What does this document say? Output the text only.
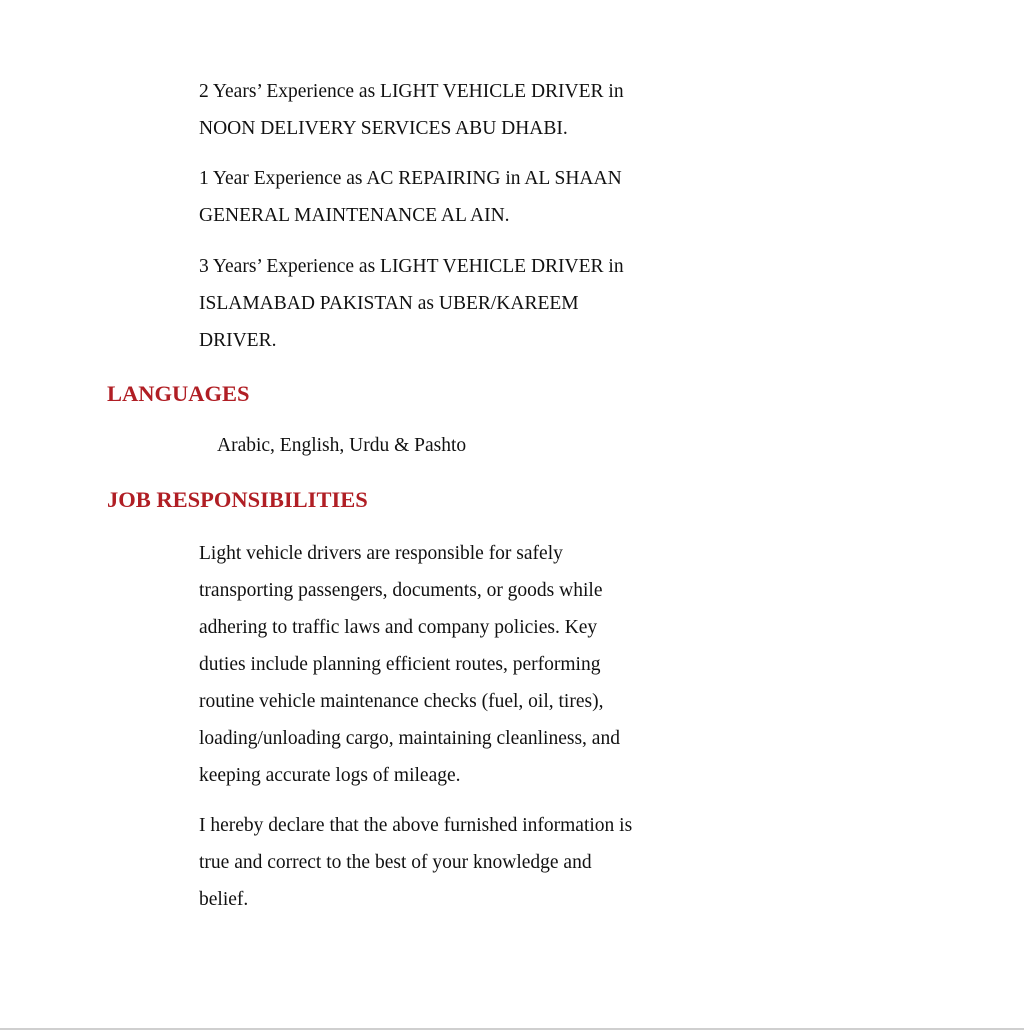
2 Years’ Experience as LIGHT VEHICLE DRIVER in
NOON DELIVERY SERVICES ABU DHABI.

1 Year Experience as AC REPAIRING in AL SHAAN
GENERAL MAINTENANCE AL AIN.

3 Years’ Experience as LIGHT VEHICLE DRIVER in
ISLAMABAD PAKISTAN as UBER/KAREEM
DRIVER.

LANGUAGES

Arabic, English, Urdu & Pashto

JOB RESPONSIBILITIES

Light vehicle drivers are responsible for safely
transporting passengers, documents, or goods while
adhering to traffic laws and company policies. Key
duties include planning efficient routes, performing
routine vehicle maintenance checks (fuel, oil, tires),
loading/unloading cargo, maintaining cleanliness, and
keeping accurate logs of mileage.

I hereby declare that the above furnished information is
true and correct to the best of your knowledge and
belief.
